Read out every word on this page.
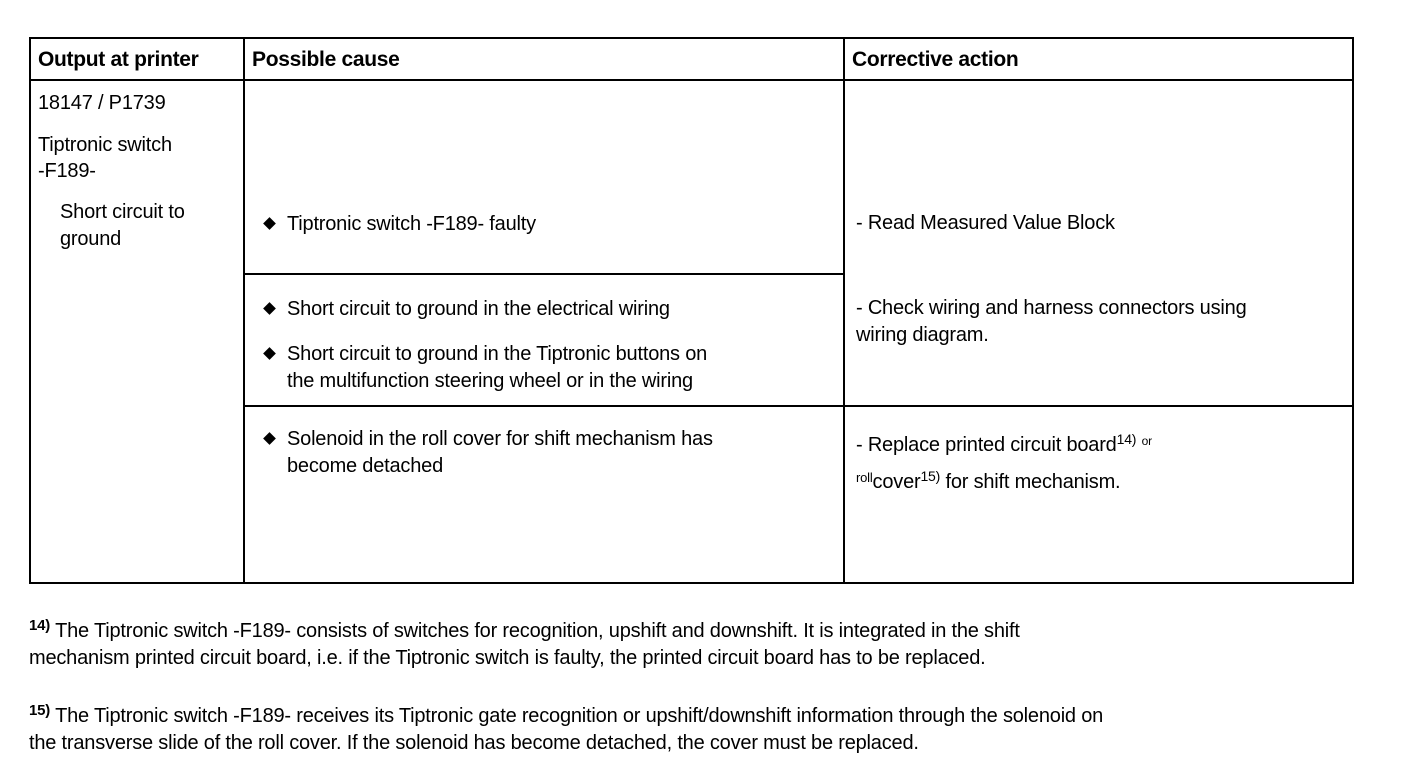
Output at printer	Possible cause	Corrective action
18147 / P1739
Tiptronic switch
-F189-
Short circuit to
ground
Tiptronic switch -F189- faulty
Short circuit to ground in the electrical wiring
Short circuit to ground in the Tiptronic buttons on
the multifunction steering wheel or in the wiring
Solenoid in the roll cover for shift mechanism has
become detached
- Read Measured Value Block
- Check wiring and harness connectors using
wiring diagram.
- Replace printed circuit board$^{14)}$ $^{or}$
$^{roll}$cover$^{15)}$ for shift mechanism.
$^{14)}$ The Tiptronic switch -F189- consists of switches for recognition, upshift and downshift. It is integrated in the shift
mechanism printed circuit board, i.e. if the Tiptronic switch is faulty, the printed circuit board has to be replaced.
$^{15)}$ The Tiptronic switch -F189- receives its Tiptronic gate recognition or upshift/downshift information through the solenoid on
the transverse slide of the roll cover. If the solenoid has become detached, the cover must be replaced.
